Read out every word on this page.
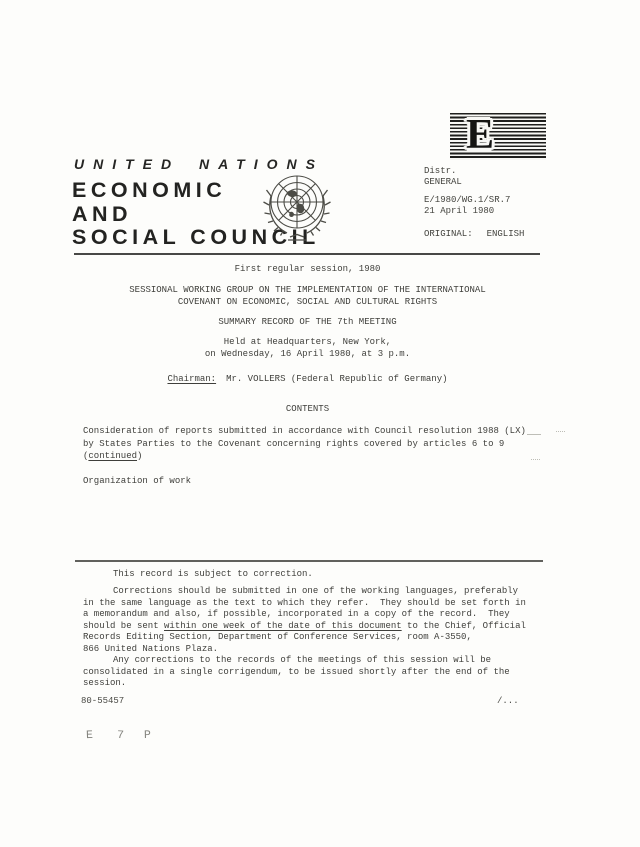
E
UNITED NATIONS
ECONOMIC
AND
SOCIAL COUNCIL
Distr.
GENERAL
E/1980/WG.1/SR.7
21 April 1980
ORIGINAL: ENGLISH
First regular session, 1980
SESSIONAL WORKING GROUP ON THE IMPLEMENTATION OF THE INTERNATIONAL
COVENANT ON ECONOMIC, SOCIAL AND CULTURAL RIGHTS
SUMMARY RECORD OF THE 7th MEETING
Held at Headquarters, New York,
on Wednesday, 16 April 1980, at 3 p.m.
Chairman: Mr. VOLLERS (Federal Republic of Germany)
CONTENTS
Consideration of reports submitted in accordance with Council resolution 1988 (LX)
by States Parties to the Covenant concerning rights covered by articles 6 to 9
(continued)
Organization of work
This record is subject to correction.
Corrections should be submitted in one of the working languages, preferably
in the same language as the text to which they refer.  They should be set forth in
a memorandum and also, if possible, incorporated in a copy of the record.  They
should be sent within one week of the date of this document to the Chief, Official
Records Editing Section, Department of Conference Services, room A-3550,
866 United Nations Plaza.
Any corrections to the records of the meetings of this session will be
consolidated in a single corrigendum, to be issued shortly after the end of the
session.
80-55457	/...
E 7 P
